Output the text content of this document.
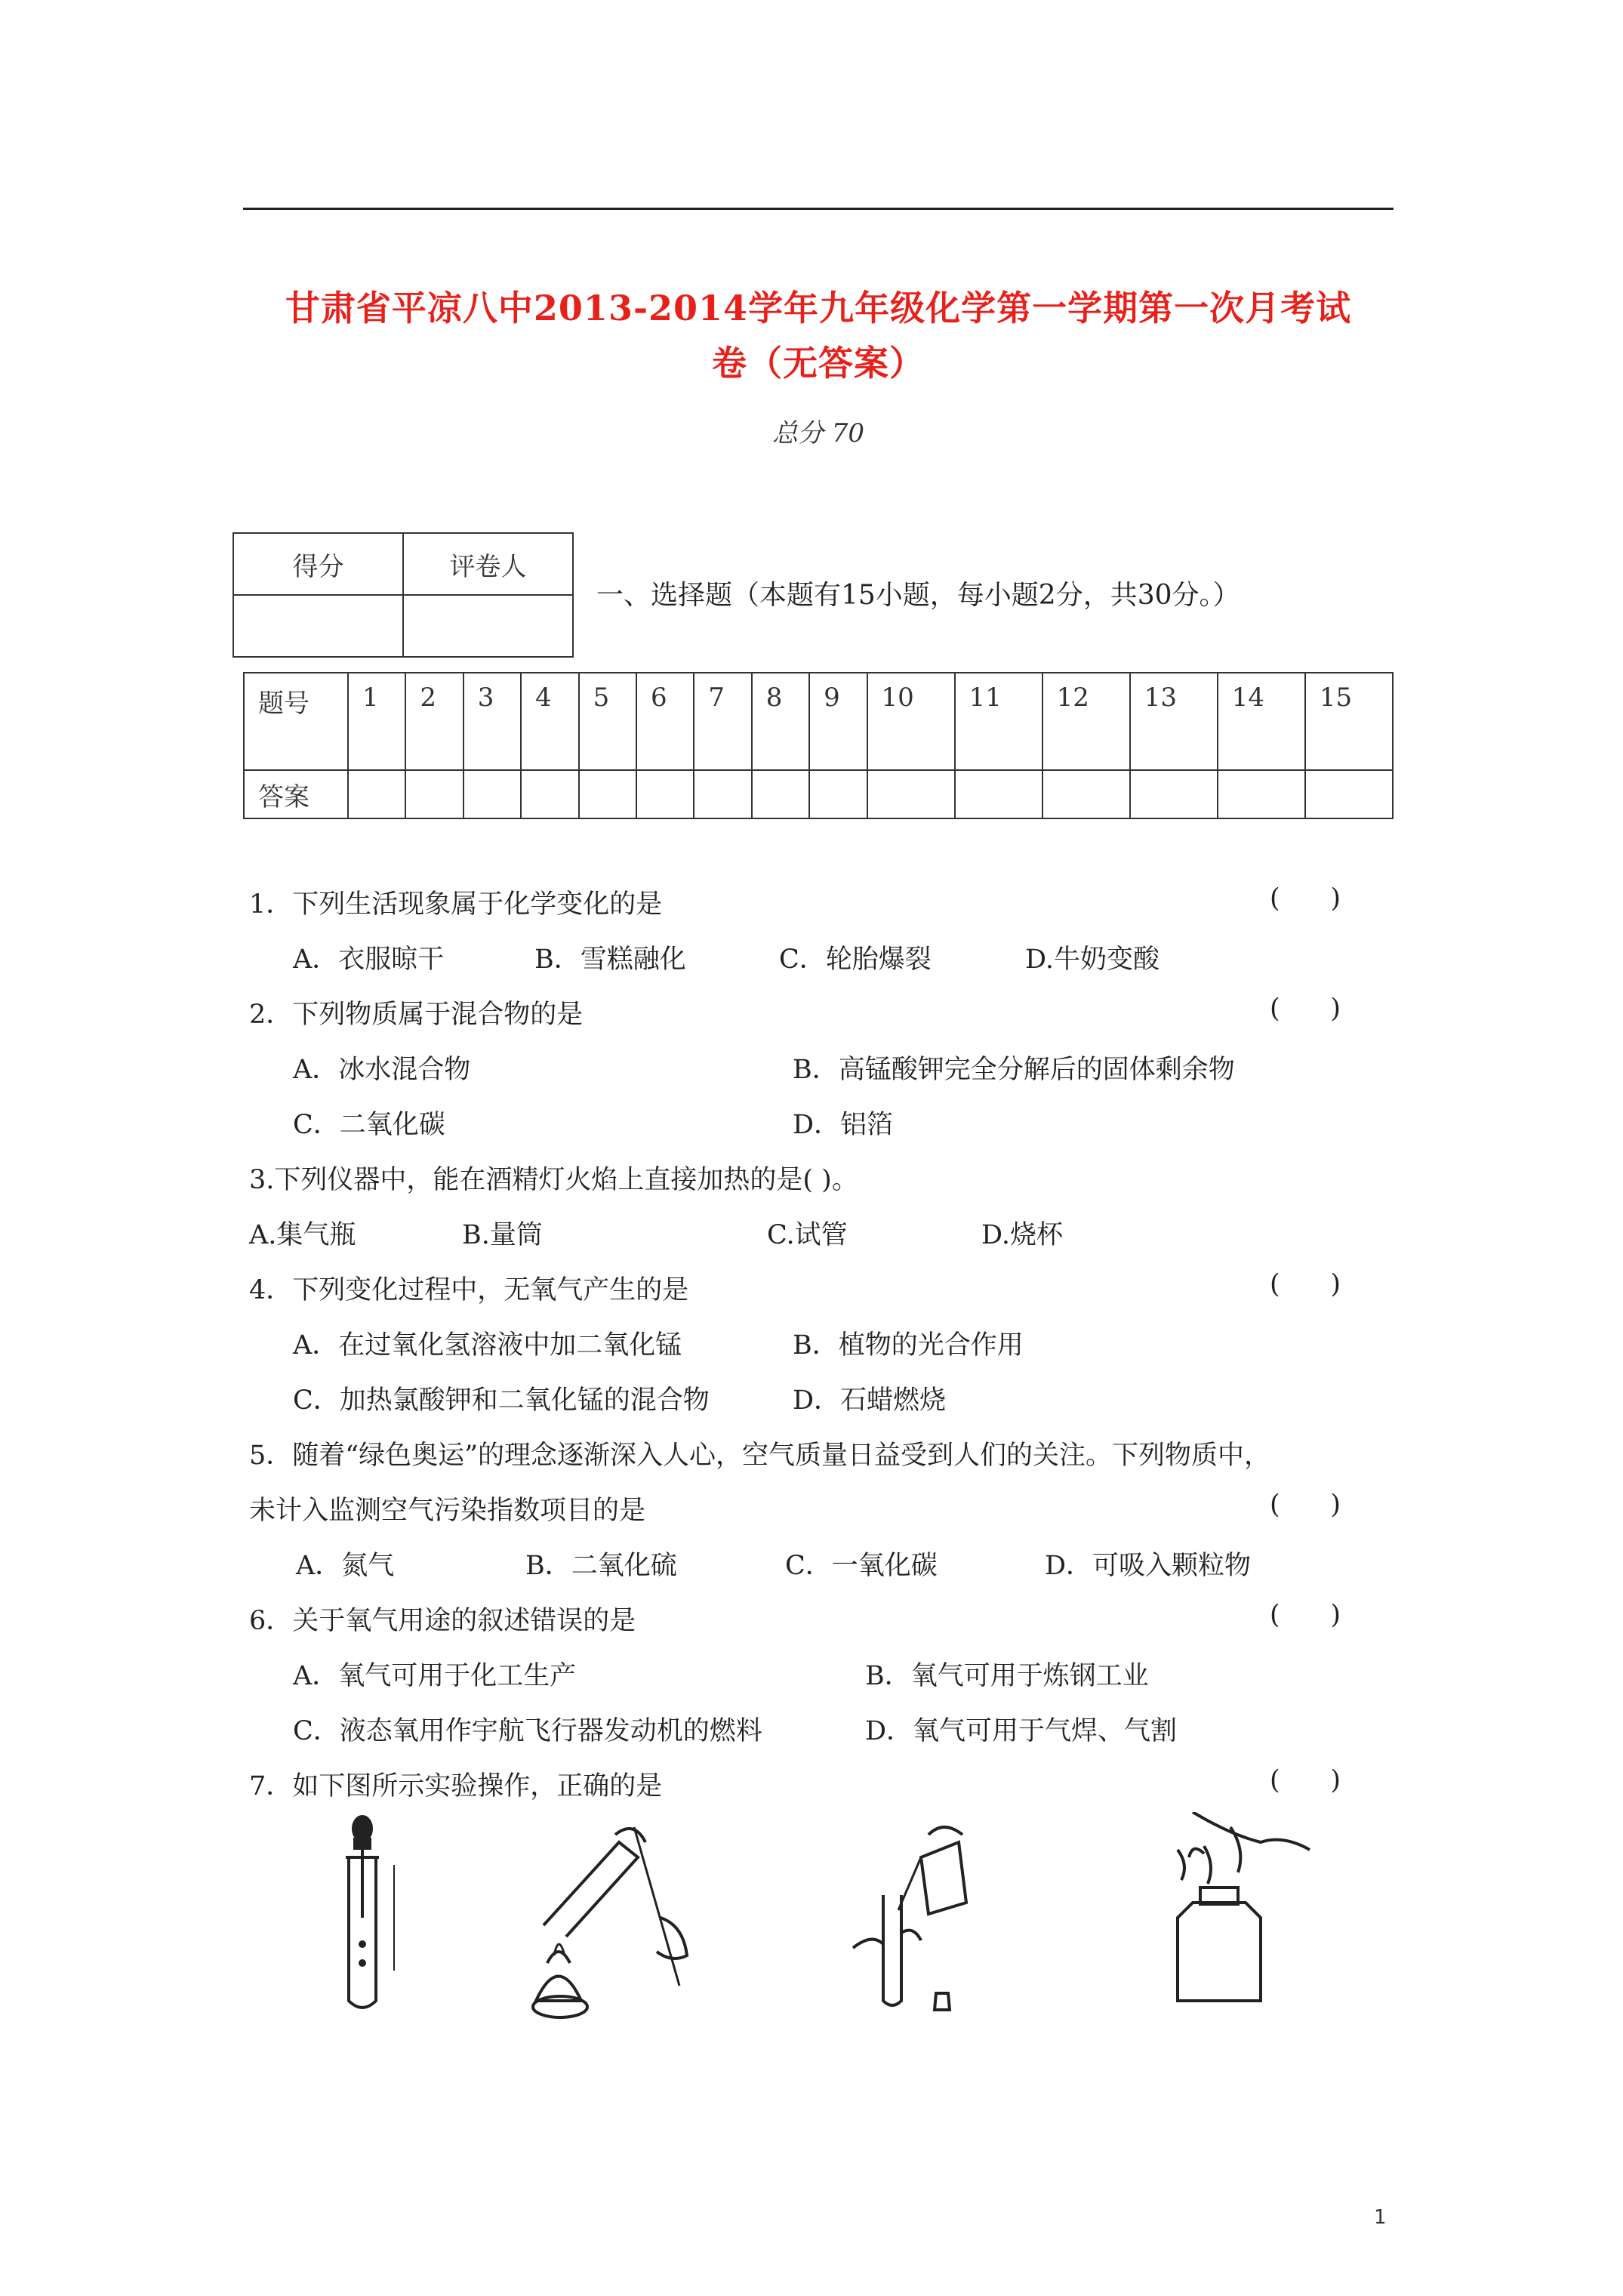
甘肃省平凉八中2013-2014学年九年级化学第一学期第一次月考试
卷（无答案）
总分 70
得分	评卷人

一、选择题（本题有15小题，每小题2分，共30分。）
题号	1	2	3	4	5	6	7	8	9	10	11	12	13	14	15
答案															
1．下列生活现象属于化学变化的是	(      )
A．衣服晾干	B．雪糕融化	C．轮胎爆裂	D.牛奶变酸
2．下列物质属于混合物的是	(      )
A．冰水混合物	B．高锰酸钾完全分解后的固体剩余物
C．二氧化碳	D．铝箔
3.下列仪器中，能在酒精灯火焰上直接加热的是( )。
A.集气瓶	B.量筒	C.试管	D.烧杯
4．下列变化过程中，无氧气产生的是	(      )
A．在过氧化氢溶液中加二氧化锰	B．植物的光合作用
C．加热氯酸钾和二氧化锰的混合物	D．石蜡燃烧
5．随着“绿色奥运”的理念逐渐深入人心，空气质量日益受到人们的关注。下列物质中，
未计入监测空气污染指数项目的是	(      )
A．氮气	B．二氧化硫	C．一氧化碳	D．可吸入颗粒物
6．关于氧气用途的叙述错误的是	(      )
A．氧气可用于化工生产	B．氧气可用于炼钢工业
C．液态氧用作宇航飞行器发动机的燃料	D．氧气可用于气焊、气割
7．如下图所示实验操作，正确的是	(      )
1
